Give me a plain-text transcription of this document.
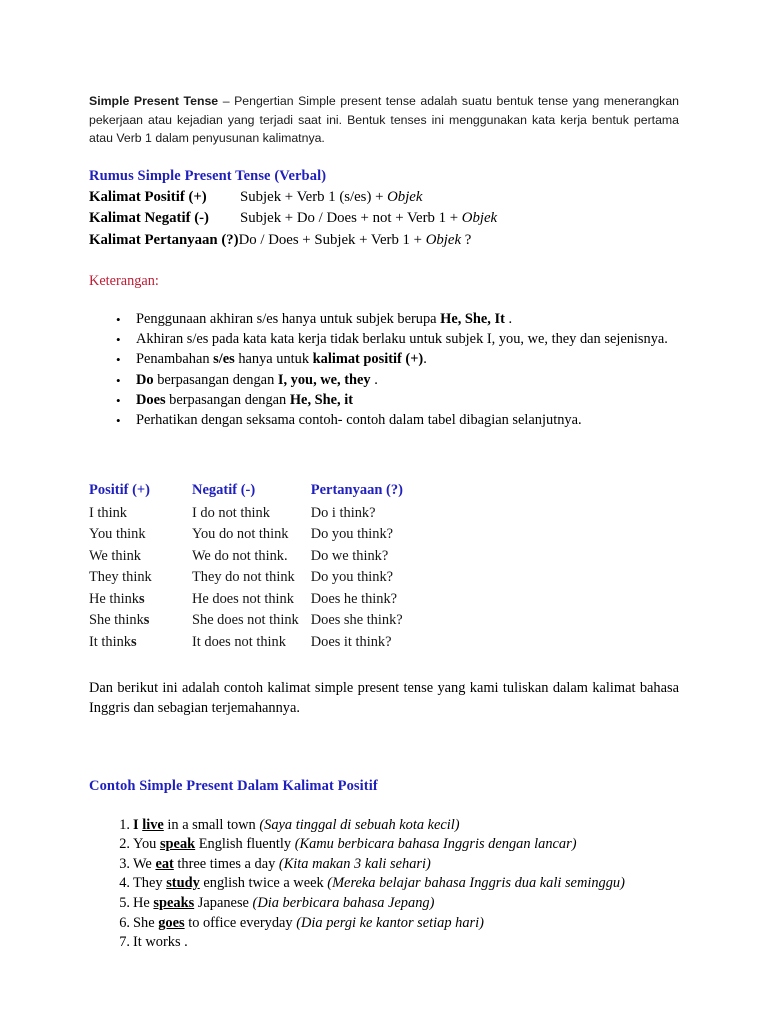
Simple Present Tense – Pengertian Simple present tense adalah suatu bentuk tense yang menerangkan pekerjaan atau kejadian yang terjadi saat ini. Bentuk tenses ini menggunakan kata kerja bentuk pertama atau Verb 1 dalam penyusunan kalimatnya.

Rumus Simple Present Tense (Verbal)
Kalimat Positif (+)	Subjek + Verb 1 (s/es) + Objek
Kalimat Negatif (-)	Subjek + Do / Does + not + Verb 1 + Objek
Kalimat Pertanyaan (?) Do / Does + Subjek + Verb 1 + Objek ?
Keterangan:
• Penggunaan akhiran s/es hanya untuk subjek berupa He, She, It .
• Akhiran s/es pada kata kata kerja tidak berlaku untuk subjek I, you, we, they dan sejenisnya.
• Penambahan s/es hanya untuk kalimat positif (+).
• Do berpasangan dengan I, you, we, they .
• Does berpasangan dengan He, She, it
• Perhatikan dengan seksama contoh- contoh dalam tabel dibagian selanjutnya.
Positif (+)	Negatif (-)	Pertanyaan (?)
I think	I do not think	Do i think?
You think	You do not think	Do you think?
We think	We do not think.	Do we think?
They think	They do not think	Do you think?
He thinks	He does not think	Does he think?
She thinks	She does not think	Does she think?
It thinks	It does not think	Does it think?

Dan berikut ini adalah contoh kalimat simple present tense yang kami tuliskan dalam kalimat bahasa Inggris dan sebagian terjemahannya.

Contoh Simple Present Dalam Kalimat Positif
1. I live in a small town (Saya tinggal di sebuah kota kecil)
2. You speak English fluently (Kamu berbicara bahasa Inggris dengan lancar)
3. We eat three times a day (Kita makan 3 kali sehari)
4. They study english twice a week (Mereka belajar bahasa Inggris dua kali seminggu)
5. He speaks Japanese (Dia berbicara bahasa Jepang)
6. She goes to office everyday (Dia pergi ke kantor setiap hari)
7. It works .
